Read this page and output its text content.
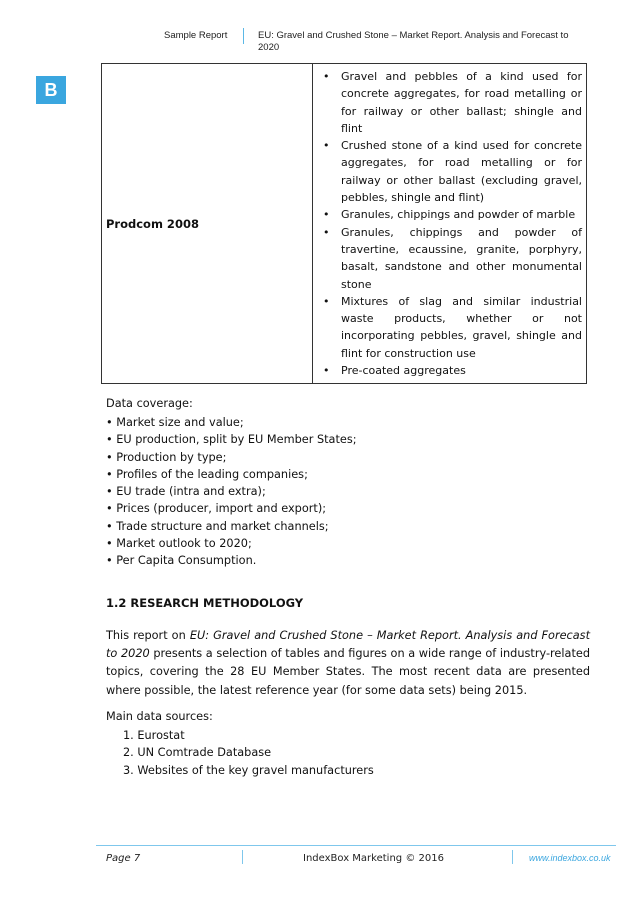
Sample Report	EU: Gravel and Crushed Stone – Market Report. Analysis and Forecast to 2020
B
Prodcom 2008	
• Gravel and pebbles of a kind used for concrete aggregates, for road metalling or for railway or other ballast; shingle and flint
• Crushed stone of a kind used for concrete aggregates, for road metalling or for railway or other ballast (excluding gravel, pebbles, shingle and flint)
• Granules, chippings and powder of marble
• Granules, chippings and powder of travertine, ecaussine, granite, porphyry, basalt, sandstone and other monumental stone
• Mixtures of slag and similar industrial waste products, whether or not incorporating pebbles, gravel, shingle and flint for construction use
• Pre-coated aggregates
Data coverage:
• Market size and value;
• EU production, split by EU Member States;
• Production by type;
• Profiles of the leading companies;
• EU trade (intra and extra);
• Prices (producer, import and export);
• Trade structure and market channels;
• Market outlook to 2020;
• Per Capita Consumption.
1.2 RESEARCH METHODOLOGY
This report on EU: Gravel and Crushed Stone – Market Report. Analysis and Forecast to 2020 presents a selection of tables and figures on a wide range of industry-related topics, covering the 28 EU Member States. The most recent data are presented where possible, the latest reference year (for some data sets) being 2015.
Main data sources:
1. Eurostat
2. UN Comtrade Database
3. Websites of the key gravel manufacturers
Page 7	IndexBox Marketing © 2016	www.indexbox.co.uk
